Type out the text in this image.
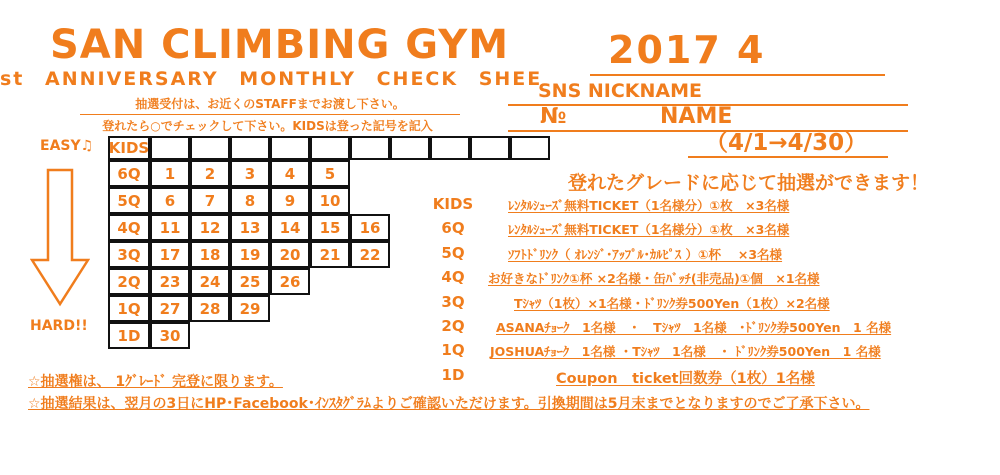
SAN CLIMBING GYM
st ANNIVERSARY MONTHLY CHECK SHEE
抽選受付は、お近くのSTAFFまでお渡し下さい。
登れたら○でチェックして下さい。KIDSは登った記号を記入
2017 4
SNS NICKNAME
№	NAME
（4/1→4/30）
登れたグレードに応じて抽選ができます！
EASY♫
HARD!!
KIDS
6Q	1	2	3	4	5
5Q	6	7	8	9	10
4Q	11	12	13	14	15	16
3Q	17	18	19	20	21	22
2Q	23	24	25	26
1Q	27	28	29
1D	30
KIDS	ﾚﾝﾀﾙｼｭｰｽﾞ無料TICKET（1名様分）①枚　×3名様
6Q	ﾚﾝﾀﾙｼｭｰｽﾞ無料TICKET（1名様分）①枚　×3名様
5Q	ｿﾌﾄﾄﾞﾘﾝｸ（ ｵﾚﾝｼﾞ･ｱｯﾌﾟﾙ･ｶﾙﾋﾟｽ ）①杯　 ×3名様
4Q	お好きなﾄﾞﾘﾝｸ①杯 ×2名様・缶ﾊﾞｯﾁ(非売品)①個　×1名様
3Q	Tｼｬﾂ（1枚）×1名様・ﾄﾞﾘﾝｸ券500Yen（1枚）×2名様
2Q	ASANAﾁｮｰｸ　1名様　・　Tｼｬﾂ　1名様　･ﾄﾞﾘﾝｸ券500Yen　1 名様
1Q	JOSHUAﾁｮｰｸ　1名様 ・Tｼｬﾂ　1名様　・ ﾄﾞﾘﾝｸ券500Yen　1 名様
1D	Coupon　ticket回数券（1枚）1名様
☆抽選権は、 1ｸﾞﾚｰﾄﾞ 完登に限ります。
☆抽選結果は、翌月の3日にHP･Facebook･ｲﾝｽﾀｸﾞﾗﾑよりご確認いただけます。引換期間は5月末までとなりますのでご了承下さい。
